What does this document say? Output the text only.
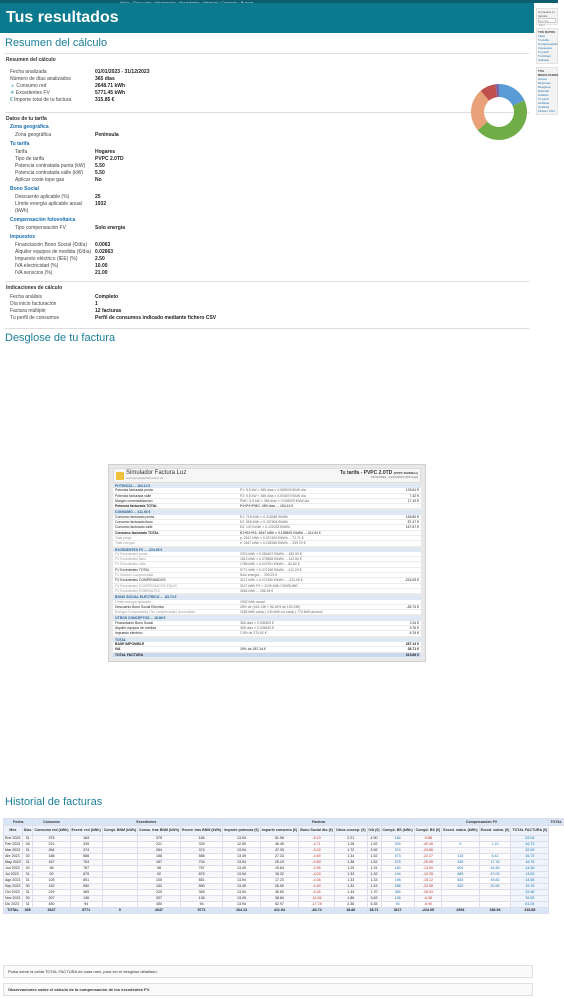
Tus resultados
Resumen del cálculo
Resumen del cálculo
Fecha analizada	01/01/2023 - 31/12/2023
Número de días analizados	365 días
⏚ Consumo red	2648.71 kWh
☀ Excedentes FV	5771.45 kWh
€ Importe total de tu factura	315.85 €
Datos de tu tarifa
Zona geográfica
Zona geográfica	Peninsula
Tu tarifa
Tarifa	Hogares
Tipo de tarifa	PVPC 2.0TD
Potencia contratada punta (kW)	5.50
Potencia contratada valle (kW)	5.50
Aplicar coste tope gas	No
Bono Social
Descuento aplicable (%)	25
Límite energía aplicable anual (kWh)
1932
Compensación fotovoltaica
Tipo compensación FV	Solo energía
Impuestos
Financiación Bono Social (€/día)	0.0063
Alquiler equipos de medida (€/día) 0.02663
Impuesto eléctrico (IEE) (%)	2.50
IVA electricidad (%)	10.00
IVA servicios (%)	21.00
Indicaciones de cálculo
Fecha análisis	Completo
Día inicio facturación	1
Factura múltiple	12 facturas
Tu perfil de consumos	Perfil de consumos indicado mediante fichero CSV
Desglose de tu factura
Simulador Factura Luz
www.simuladorfacturaluz.es
Tu tarifa - PVPC 2.0TD (PVPC 2023/Bno)
01/01/2023 - 31/12/2023 (365 días)
POTENCIA ... 164.13 €
Potencia facturada punta	P1: 5.5 kW × 365 días × 0.069543 €/kW día	139.61 €
Potencia facturada valle	P2: 5.5 kW × 365 días × 0.003670 €/kW día	7.42 €
Margen comercialización	PMC: 5.5 kW × 365 días × 0.008529 €/kW día	17.10 €
Potencia facturada TOTAL	P1+P2+PMC: 365 días ... 164.13 €
CONSUMO ... 411.94 €
Consumo facturado punta	E1: 718 kWh × 0.218384 €/kWh	156.80 €
Consumo facturado llano	E2: 555 kWh × 0.157604 €/kWh	87.47 €
Consumo facturado valle	E3: 1374 kWh × 0.122033 €/kWh	167.67 €
Consumo facturado TOTAL	E1+E2+E3: 2647 kWh × 0.155625 €/kWh ... 411.94 €
Total peaje	p: 2647 kWh × 0.027400 €/kWh ... 72.71 €
Total energía	e: 2647 kWh × 0.128158 €/kWh ... 339.23 €
EXCEDENTES FV ... -224.05 €
FV Excedentes punta	2374 kWh × 0.084407 €/kWh ... 182.50 €
FV Excedentes llano	1812 kWh × 0.078828 €/kWh ... 142.84 €
FV Excedentes valle	1785 kWh × 0.047511 €/kWh ... 84.82 €
FV Excedentes TOTAL	5771 kWh × 0.071260 €/kWh ... 411.24 €
FV Máximo compensable	Solo energía ... 339.23 €
FV Excedentes COMPENSADOS	3117 kWh × 0.071260 €/kWh ... -224.05 €	-224.05 €
FV Excedentes COMPENSADOS EQUIV	3117 kWh FV = 1249 kWh CONSUMO
FV Excedentes SOBRANTES	2654 kWh ... 186.94 €
BONO SOCIAL ELÉCTRICO ... -83.74 €
Límite energía aplicable	1932 kWh anual
Descuento Bono Social Eléctrico	25% de (164.13€ + 96.16% de 190.23€)	-83.74 €
Energía Compensada | No compensada | Acumulada	1158 kWh comp | 140 kWh no comp | 774 kWh acumul
OTROS CONCEPTOS ... 18.86 €
Financiación Bono Social	365 días × 0.006300 €	2.34 €
Alquiler equipos de medida	365 días × 0.026630 €	9.76 €
Impuesto eléctrico	2.5% de 270.62 €	6.76 €
TOTAL
BASE IMPONIBLE	287.14 €
IVA	10% de 287.14 €	28.71 €
TOTAL FACTURA	315.85 €
Historial de facturas
Fecha		Consumo	Excedentes				Factura						Compensación FV				TOTAL
Mes	Días	Consumo red (kWh)	Exced. red (kWh)	Compl. BNM (kWh)	Consu. tras BNM (kWh)	Exced. tras BNM (kWh)	Importe potencia (€)	Importe consumo (€)	Bono Social dto (€)	Otros concep. (€)	IVA (€)	Comp2. BS (kWh)	Comp2. BS (€)	Exced. sobra. (kWh)	Exced. sobra. (€)	TOTAL FACTURA (€)	
Ene 2023	31	375	184		375	184	13.94	51.96	-9.19	2.21	4.90	184	-9.88			53.94	
Feb 2023	28	221	339		221	339	12.59	46.45	-4.71	1.28	1.52	339	-40.48	9	1.10	16.73	
Mar 2023	31	264	374		264	374	13.94	47.39	-9.22	1.72	2.92	374	-24.66			32.09	
Abr 2023	30	188	588		188	588	13.49	27.33	-4.69	1.34	1.52	473	-22.27	115	5.42	16.72	
May 2023	31	167	704		167	704	13.94	25.19	-4.69	1.38	1.52	378	-20.59	326	17.76	16.75	
Jun 2023	30	98	787		98	787	13.49	15.84	-3.98	1.29	1.31	183	-13.59	604	44.68	14.36	
Jul 2023	31	92	879		92	879	13.94	15.32	-4.03	1.33	1.32	194	-13.35	685	47.09	14.53	
Ago 2023	31	105	851		105	851	13.94	17.23	-4.06	1.33	1.33	198	-15.12	653	49.83	14.65	
Sep 2023	30	152	550		152	550	13.49	26.90	-4.40	1.32	1.43	288	-22.08	262	20.94	15.76	
Oct 2023	31	229	365		229	365	13.94	36.60	-5.45	1.44	1.70	365	-28.93			19.36	
Nov 2023	30	207	136		207	136	13.49	38.84	-11.54	1.86	3.63	136	-6.38			39.92	
Dic 2023	31	450	94		450	94	13.94	62.97	-17.78	2.36	5.35	94	-5.90			61.04	
TOTAL	365	2647	5771	0	2647	5771	164.13	411.94	-83.74	18.86	28.71	3117	-224.05	2654	186.94	315.85	
Pulsa sobre la celda TOTAL FACTURA de cada mes, para ver el desglose detallado.
Observaciones sobre el cálculo de la compensación de los excedentes FV.
Comparte tu factura
Escribe aquí
TUS DATOS
Inicio
Tu tarifa
Compensación
Impuestos
Tu perfil
Tu fichero
Calcular
TUS RESULTADOS
Avisos
Resumen
Desglose
Historial
Análisis
Tu perfil
Gráficas
Gráficas
Fichero CSV
